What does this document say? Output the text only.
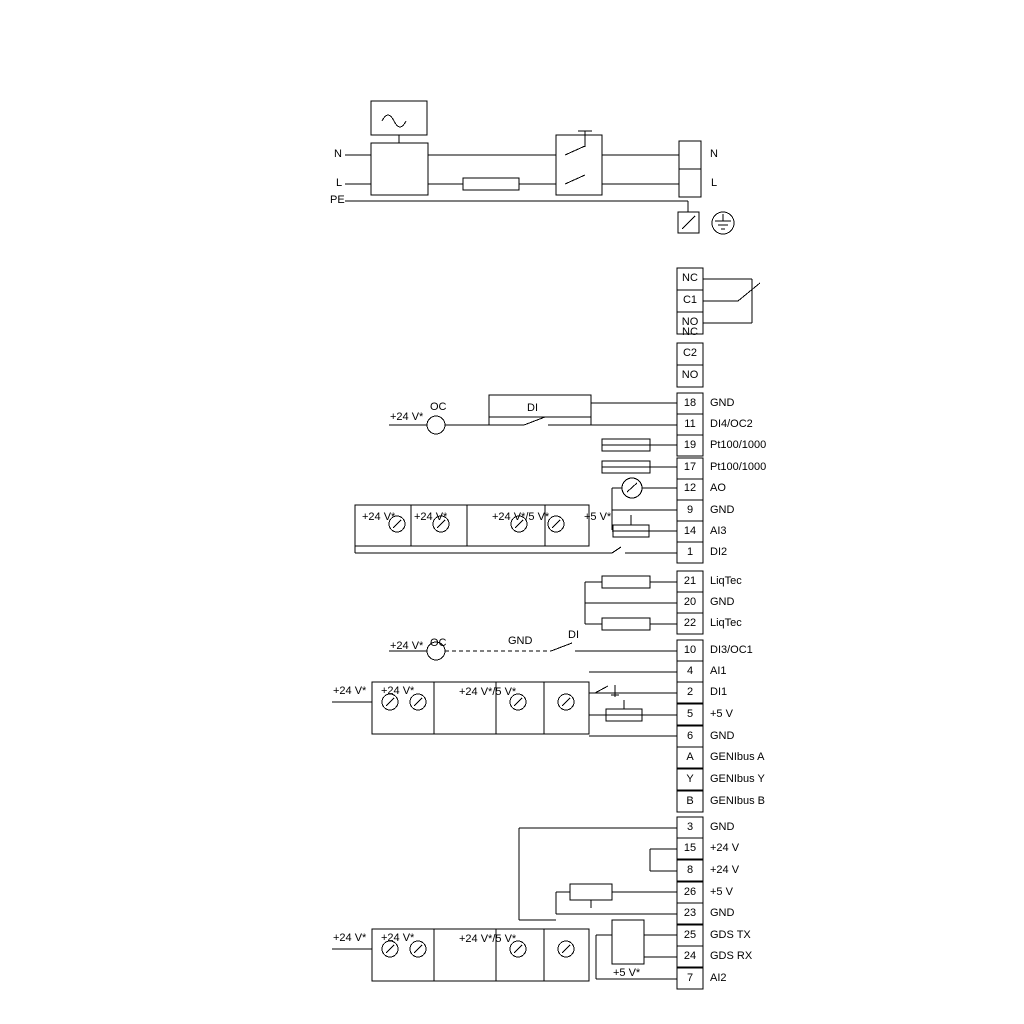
N
L
PE
N
L
NC
C1
NO
NC
C2
NO
18	GND
11	DI4/OC2
19	Pt100/1000
17	Pt100/1000
12	AO
9	GND
14	AI3
1	DI2
21	LiqTec
20	GND
22	LiqTec
10	DI3/OC1
4	AI1
2	DI1
5	+5 V
6	GND
A	GENIbus A
Y	GENIbus Y
B	GENIbus B
3	GND
15	+24 V
8	+24 V
26	+5 V
23	GND
25	GDS TX
24	GDS RX
7	AI2
OC	DI
+24 V*
+24 V* +24 V*	+24 V*/5 V*	+5 V*
OC
+24 V*	GND	DI
+24 V* +24 V*	+24 V*/5 V*
+24 V* +24 V*	+24 V*/5 V*
+5 V*
